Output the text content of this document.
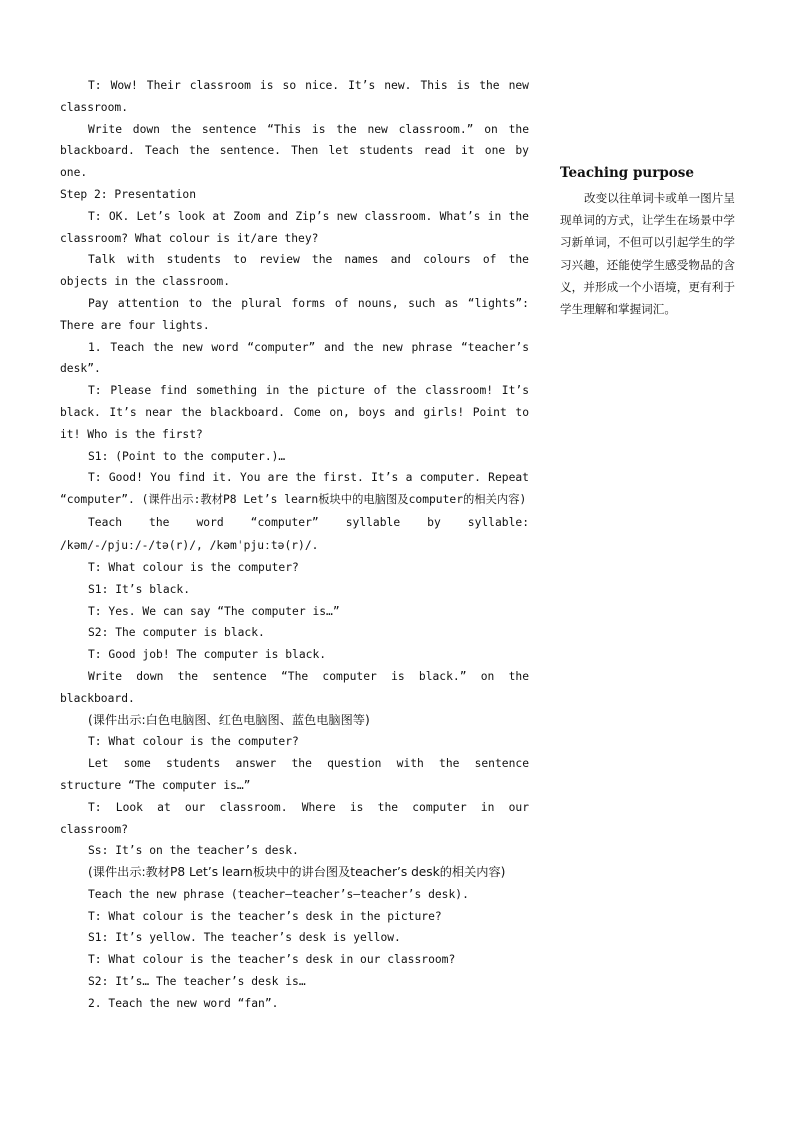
T: Wow! Their classroom is so nice. It’s new. This is the new classroom.

Write down the sentence “This is the new classroom.” on the blackboard. Teach the sentence. Then let students read it one by one.

Step 2: Presentation

T: OK. Let’s look at Zoom and Zip’s new classroom. What’s in the classroom? What colour is it/are they?

Talk with students to review the names and colours of the objects in the classroom.

Pay attention to the plural forms of nouns, such as “lights”: There are four lights.

1. Teach the new word “computer” and the new phrase “teacher’s desk”.

T: Please find something in the picture of the classroom! It’s black. It’s near the blackboard. Come on, boys and girls! Point to it! Who is the first?

S1: (Point to the computer.)…

T: Good! You find it. You are the first. It’s a computer. Repeat “computer”. (课件出示:教材P8 Let’s learn板块中的电脑图及computer的相关内容)

Teach the word “computer” syllable by syllable: /kəm/-/pjuː/-/tə(r)/, /kəmˈpjuːtə(r)/.

T: What colour is the computer?

S1: It’s black.

T: Yes. We can say “The computer is…”

S2: The computer is black.

T: Good job! The computer is black.

Write down the sentence “The computer is black.” on the blackboard.

(课件出示:白色电脑图、红色电脑图、蓝色电脑图等)

T: What colour is the computer?

Let some students answer the question with the sentence structure “The computer is…”

T: Look at our classroom. Where is the computer in our classroom?

Ss: It’s on the teacher’s desk.

(课件出示:教材P8 Let’s learn板块中的讲台图及teacher’s desk的相关内容)

Teach the new phrase (teacher—teacher’s—teacher’s desk).

T: What colour is the teacher’s desk in the picture?

S1: It’s yellow. The teacher’s desk is yellow.

T: What colour is the teacher’s desk in our classroom?

S2: It’s… The teacher’s desk is…

2. Teach the new word “fan”.

Teaching purpose

改变以往单词卡或单一图片呈现单词的方式，让学生在场景中学习新单词，不但可以引起学生的学习兴趣，还能使学生感受物品的含义，并形成一个小语境，更有利于学生理解和掌握词汇。
